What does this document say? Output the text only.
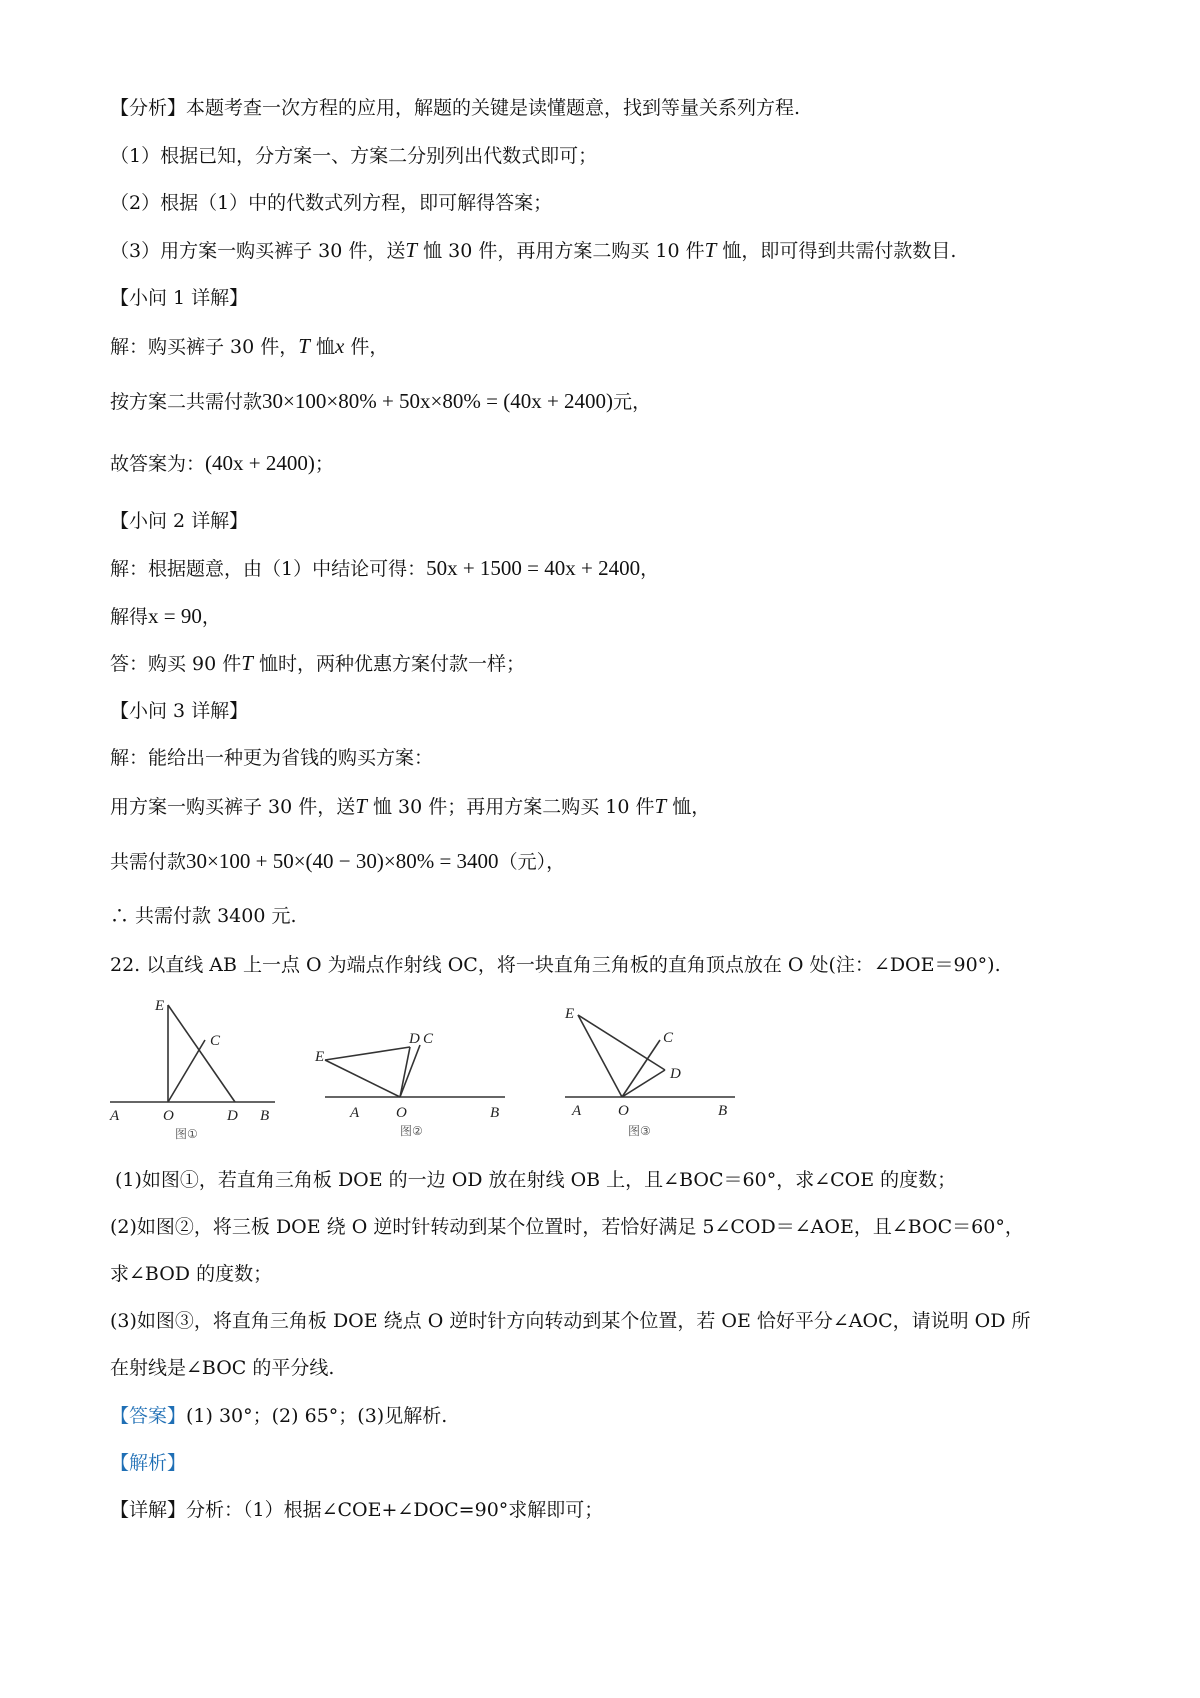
【分析】本题考查一次方程的应用，解题的关键是读懂题意，找到等量关系列方程.
（1）根据已知，分方案一、方案二分别列出代数式即可；
（2）根据（1）中的代数式列方程，即可解得答案；
（3）用方案一购买裤子 30 件，送T 恤 30 件，再用方案二购买 10 件T 恤，即可得到共需付款数目.
【小问 1 详解】
解：购买裤子 30 件，T 恤x 件，
按方案二共需付款30×100×80% + 50x×80% = (40x + 2400)元，
故答案为：(40x + 2400)；
【小问 2 详解】
解：根据题意，由（1）中结论可得：50x + 1500 = 40x + 2400，
解得x = 90，
答：购买 90 件T 恤时，两种优惠方案付款一样；
【小问 3 详解】
解：能给出一种更为省钱的购买方案：
用方案一购买裤子 30 件，送T 恤 30 件；再用方案二购买 10 件T 恤，
共需付款30×100 + 50×(40 − 30)×80% = 3400（元），
∴ 共需付款 3400 元.
22. 以直线 AB 上一点 O 为端点作射线 OC，将一块直角三角板的直角顶点放在 O 处(注：∠DOE＝90°).
E
C
A	O	D B
图①
E
D C
A O	B
图②
E
C
D
A O	B
图③
(1)如图①，若直角三角板 DOE 的一边 OD 放在射线 OB 上，且∠BOC＝60°，求∠COE 的度数；
(2)如图②，将三板 DOE 绕 O 逆时针转动到某个位置时，若恰好满足 5∠COD＝∠AOE，且∠BOC＝60°，
求∠BOD 的度数；
(3)如图③，将直角三角板 DOE 绕点 O 逆时针方向转动到某个位置，若 OE 恰好平分∠AOC，请说明 OD 所
在射线是∠BOC 的平分线.
【答案】(1) 30°；(2) 65°；(3)见解析.
【解析】
【详解】分析：（1）根据∠COE+∠DOC=90°求解即可；
